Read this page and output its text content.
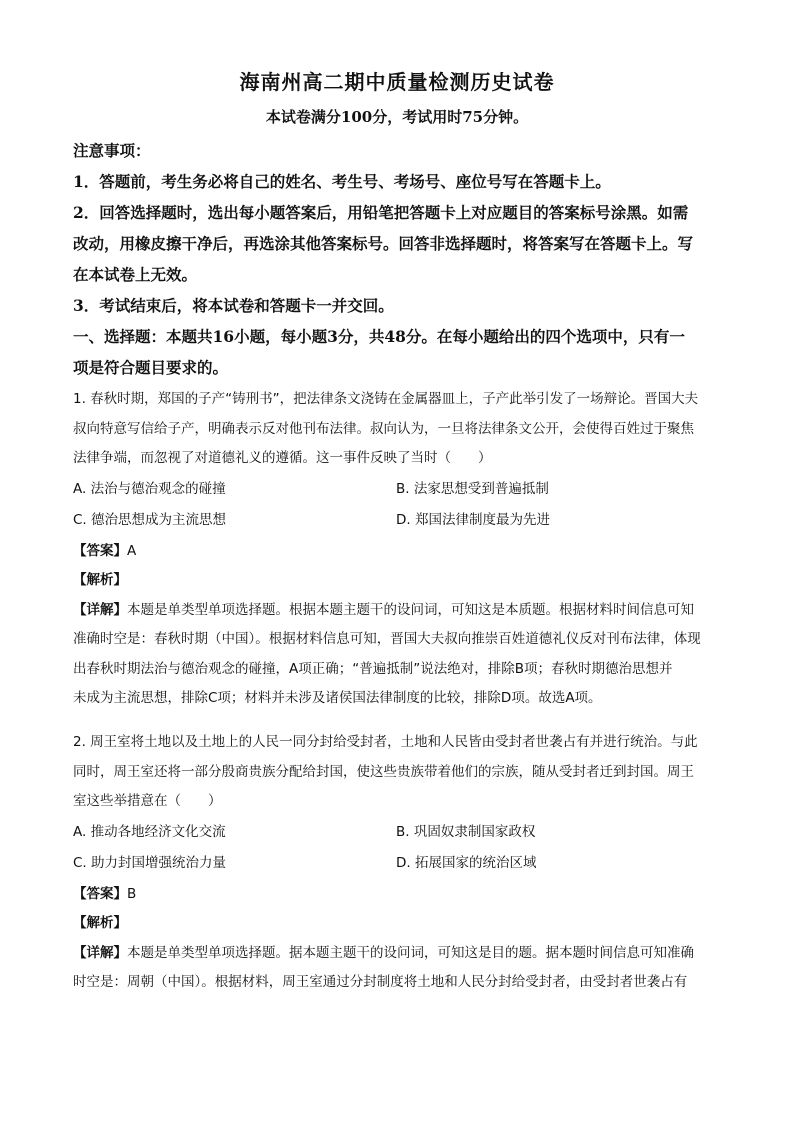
海南州高二期中质量检测历史试卷
本试卷满分100分，考试用时75分钟。
注意事项：
1．答题前，考生务必将自己的姓名、考生号、考场号、座位号写在答题卡上。
2．回答选择题时，选出每小题答案后，用铅笔把答题卡上对应题目的答案标号涂黑。如需
改动，用橡皮擦干净后，再选涂其他答案标号。回答非选择题时，将答案写在答题卡上。写
在本试卷上无效。
3．考试结束后，将本试卷和答题卡一并交回。
一、选择题：本题共16小题，每小题3分，共48分。在每小题给出的四个选项中，只有一
项是符合题目要求的。
1. 春秋时期，郑国的子产“铸刑书”，把法律条文浇铸在金属器皿上，子产此举引发了一场辩论。晋国大夫
叔向特意写信给子产，明确表示反对他刊布法律。叔向认为，一旦将法律条文公开，会使得百姓过于聚焦
法律争端，而忽视了对道德礼义的遵循。这一事件反映了当时（　　）
A. 法治与德治观念的碰撞	B. 法家思想受到普遍抵制
C. 德治思想成为主流思想	D. 郑国法律制度最为先进
【答案】A
【解析】
【详解】本题是单类型单项选择题。根据本题主题干的设问词，可知这是本质题。根据材料时间信息可知
准确时空是：春秋时期（中国）。根据材料信息可知，晋国大夫叔向推崇百姓道德礼仪反对刊布法律，体现
出春秋时期法治与德治观念的碰撞，A项正确；“普遍抵制”说法绝对，排除B项；春秋时期德治思想并
未成为主流思想，排除C项；材料并未涉及诸侯国法律制度的比较，排除D项。故选A项。
2. 周王室将土地以及土地上的人民一同分封给受封者，土地和人民皆由受封者世袭占有并进行统治。与此
同时，周王室还将一部分殷商贵族分配给封国，使这些贵族带着他们的宗族，随从受封者迁到封国。周王
室这些举措意在（　　）
A. 推动各地经济文化交流	B. 巩固奴隶制国家政权
C. 助力封国增强统治力量	D. 拓展国家的统治区域
【答案】B
【解析】
【详解】本题是单类型单项选择题。据本题主题干的设问词，可知这是目的题。据本题时间信息可知准确
时空是：周朝（中国）。根据材料，周王室通过分封制度将土地和人民分封给受封者，由受封者世袭占有
